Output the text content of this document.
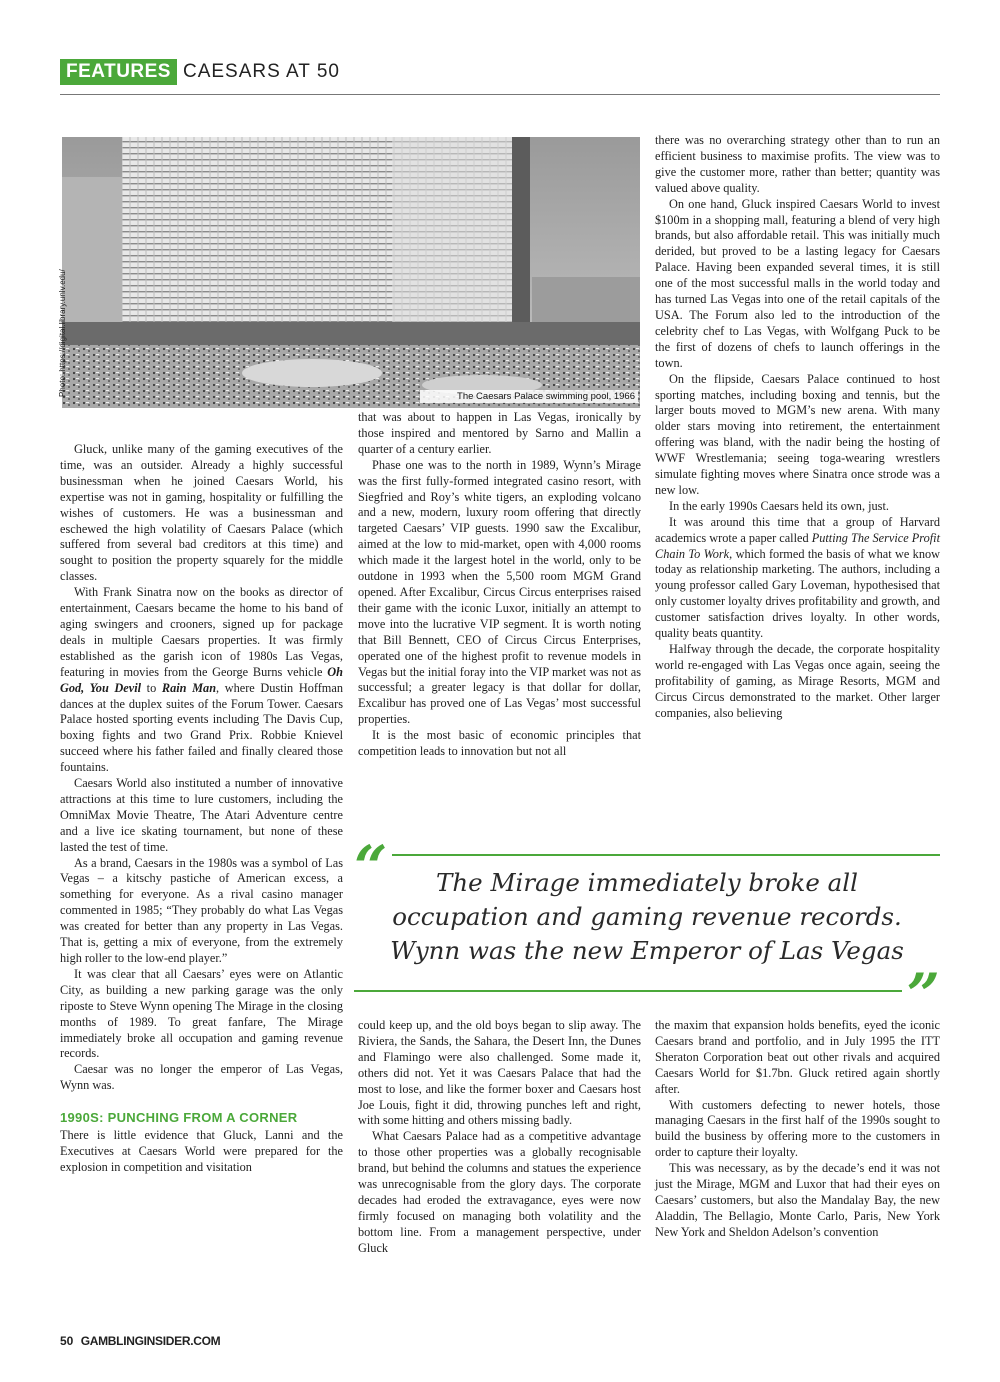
FEATURES CAESARS AT 50
Photo: https://digital.library.unlv.edu/	The Caesars Palace swimming pool, 1966

Gluck, unlike many of the gaming executives of the time, was an outsider. Already a highly successful businessman when he joined Caesars World, his expertise was not in gaming, hospitality or fulfilling the wishes of customers. He was a businessman and eschewed the high volatility of Caesars Palace (which suffered from several bad creditors at this time) and sought to position the property squarely for the middle classes.

With Frank Sinatra now on the books as director of entertainment, Caesars became the home to his band of aging swingers and crooners, signed up for package deals in multiple Caesars properties. It was firmly established as the garish icon of 1980s Las Vegas, featuring in movies from the George Burns vehicle Oh God, You Devil to Rain Man, where Dustin Hoffman dances at the duplex suites of the Forum Tower. Caesars Palace hosted sporting events including The Davis Cup, boxing fights and two Grand Prix. Robbie Knievel succeed where his father failed and finally cleared those fountains.

Caesars World also instituted a number of innovative attractions at this time to lure customers, including the OmniMax Movie Theatre, The Atari Adventure centre and a live ice skating tournament, but none of these lasted the test of time.

As a brand, Caesars in the 1980s was a symbol of Las Vegas – a kitschy pastiche of American excess, a something for everyone. As a rival casino manager commented in 1985; “They probably do what Las Vegas was created for better than any property in Las Vegas. That is, getting a mix of everyone, from the extremely high roller to the low-end player.”

It was clear that all Caesars’ eyes were on Atlantic City, as building a new parking garage was the only riposte to Steve Wynn opening The Mirage in the closing months of 1989. To great fanfare, The Mirage immediately broke all occupation and gaming revenue records.

Caesar was no longer the emperor of Las Vegas, Wynn was.

1990S: PUNCHING FROM A CORNER

There is little evidence that Gluck, Lanni and the Executives at Caesars World were prepared for the explosion in competition and visitation

that was about to happen in Las Vegas, ironically by those inspired and mentored by Sarno and Mallin a quarter of a century earlier.

Phase one was to the north in 1989, Wynn’s Mirage was the first fully-formed integrated casino resort, with Siegfried and Roy’s white tigers, an exploding volcano and a new, modern, luxury room offering that directly targeted Caesars’ VIP guests. 1990 saw the Excalibur, aimed at the low to mid-market, open with 4,000 rooms which made it the largest hotel in the world, only to be outdone in 1993 when the 5,500 room MGM Grand opened. After Excalibur, Circus Circus enterprises raised their game with the iconic Luxor, initially an attempt to move into the lucrative VIP segment. It is worth noting that Bill Bennett, CEO of Circus Circus Enterprises, operated one of the highest profit to revenue models in Vegas but the initial foray into the VIP market was not as successful; a greater legacy is that dollar for dollar, Excalibur has proved one of Las Vegas’ most successful properties.

It is the most basic of economic principles that competition leads to innovation but not all

there was no overarching strategy other than to run an efficient business to maximise profits. The view was to give the customer more, rather than better; quantity was valued above quality.

On one hand, Gluck inspired Caesars World to invest $100m in a shopping mall, featuring a blend of very high brands, but also affordable retail. This was initially much derided, but proved to be a lasting legacy for Caesars Palace. Having been expanded several times, it is still one of the most successful malls in the world today and has turned Las Vegas into one of the retail capitals of the USA. The Forum also led to the introduction of the celebrity chef to Las Vegas, with Wolfgang Puck to be the first of dozens of chefs to launch offerings in the town.

On the flipside, Caesars Palace continued to host sporting matches, including boxing and tennis, but the larger bouts moved to MGM’s new arena. With many older stars moving into retirement, the entertainment offering was bland, with the nadir being the hosting of WWF Wrestlemania; seeing toga-wearing wrestlers simulate fighting moves where Sinatra once strode was a new low.

In the early 1990s Caesars held its own, just.

It was around this time that a group of Harvard academics wrote a paper called Putting The Service Profit Chain To Work, which formed the basis of what we know today as relationship marketing. The authors, including a young professor called Gary Loveman, hypothesised that only customer loyalty drives profitability and growth, and customer satisfaction drives loyalty. In other words, quality beats quantity.

Halfway through the decade, the corporate hospitality world re-engaged with Las Vegas once again, seeing the profitability of gaming, as Mirage Resorts, MGM and Circus Circus demonstrated to the market. Other larger companies, also believing

“	The Mirage immediately broke all occupation and gaming revenue records. Wynn was the new Emperor of Las Vegas
”

could keep up, and the old boys began to slip away. The Riviera, the Sands, the Sahara, the Desert Inn, the Dunes and Flamingo were also challenged. Some made it, others did not. Yet it was Caesars Palace that had the most to lose, and like the former boxer and Caesars host Joe Louis, fight it did, throwing punches left and right, with some hitting and others missing badly.

What Caesars Palace had as a competitive advantage to those other properties was a globally recognisable brand, but behind the columns and statues the experience was unrecognisable from the glory days. The corporate decades had eroded the extravagance, eyes were now firmly focused on managing both volatility and the bottom line. From a management perspective, under Gluck

the maxim that expansion holds benefits, eyed the iconic Caesars brand and portfolio, and in July 1995 the ITT Sheraton Corporation beat out other rivals and acquired Caesars World for $1.7bn. Gluck retired again shortly after.

With customers defecting to newer hotels, those managing Caesars in the first half of the 1990s sought to build the business by offering more to the customers in order to capture their loyalty.

This was necessary, as by the decade’s end it was not just the Mirage, MGM and Luxor that had their eyes on Caesars’ customers, but also the Mandalay Bay, the new Aladdin, The Bellagio, Monte Carlo, Paris, New York New York and Sheldon Adelson’s convention

50 GAMBLINGINSIDER.COM
